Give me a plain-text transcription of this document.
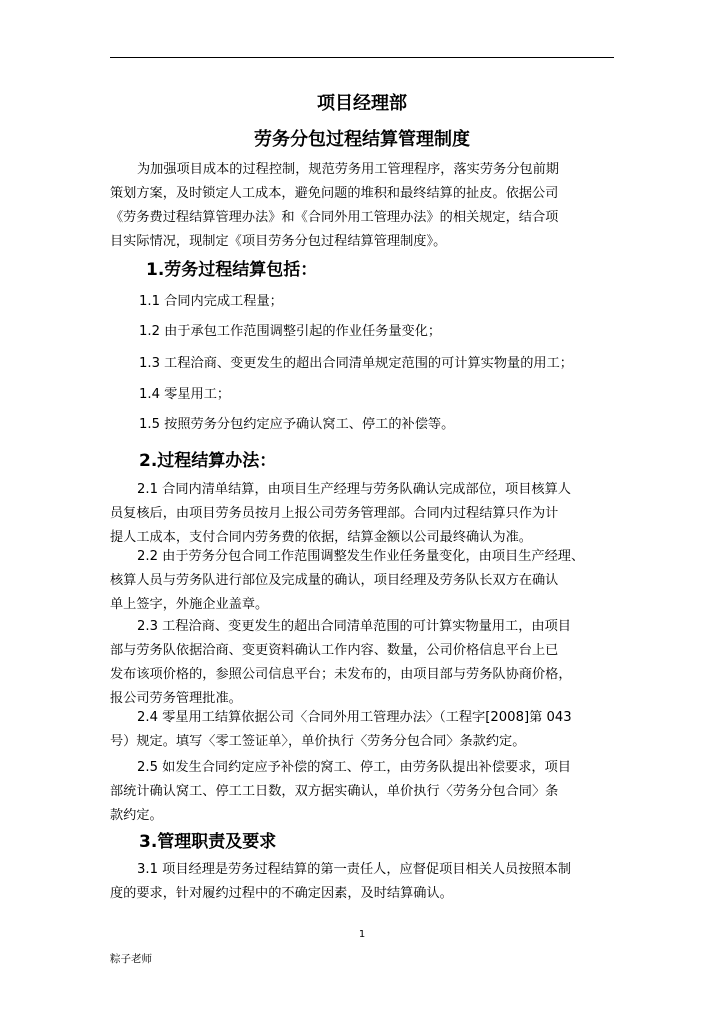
项目经理部
劳务分包过程结算管理制度
为加强项目成本的过程控制，规范劳务用工管理程序，落实劳务分包前期
策划方案，及时锁定人工成本，避免问题的堆积和最终结算的扯皮。依据公司
《劳务费过程结算管理办法》和《合同外用工管理办法》的相关规定，结合项
目实际情况，现制定《项目劳务分包过程结算管理制度》。
1.劳务过程结算包括：
1.1 合同内完成工程量；
1.2 由于承包工作范围调整引起的作业任务量变化；
1.3 工程洽商、变更发生的超出合同清单规定范围的可计算实物量的用工；
1.4 零星用工；
1.5 按照劳务分包约定应予确认窝工、停工的补偿等。
2.过程结算办法：
2.1 合同内清单结算，由项目生产经理与劳务队确认完成部位，项目核算人
员复核后，由项目劳务员按月上报公司劳务管理部。合同内过程结算只作为计
提人工成本，支付合同内劳务费的依据，结算金额以公司最终确认为准。
2.2 由于劳务分包合同工作范围调整发生作业任务量变化，由项目生产经理、
核算人员与劳务队进行部位及完成量的确认，项目经理及劳务队长双方在确认
单上签字，外施企业盖章。
2.3 工程洽商、变更发生的超出合同清单范围的可计算实物量用工，由项目
部与劳务队依据洽商、变更资料确认工作内容、数量，公司价格信息平台上已
发布该项价格的，参照公司信息平台；未发布的，由项目部与劳务队协商价格，
报公司劳务管理批准。
2.4 零星用工结算依据公司〈合同外用工管理办法〉（工程字[2008]第 043
号）规定。填写〈零工签证单〉，单价执行〈劳务分包合同〉条款约定。
2.5 如发生合同约定应予补偿的窝工、停工，由劳务队提出补偿要求，项目
部统计确认窝工、停工工日数，双方据实确认，单价执行〈劳务分包合同〉条
款约定。
3.管理职责及要求
3.1 项目经理是劳务过程结算的第一责任人，应督促项目相关人员按照本制
度的要求，针对履约过程中的不确定因素，及时结算确认。
1
粽子老师
